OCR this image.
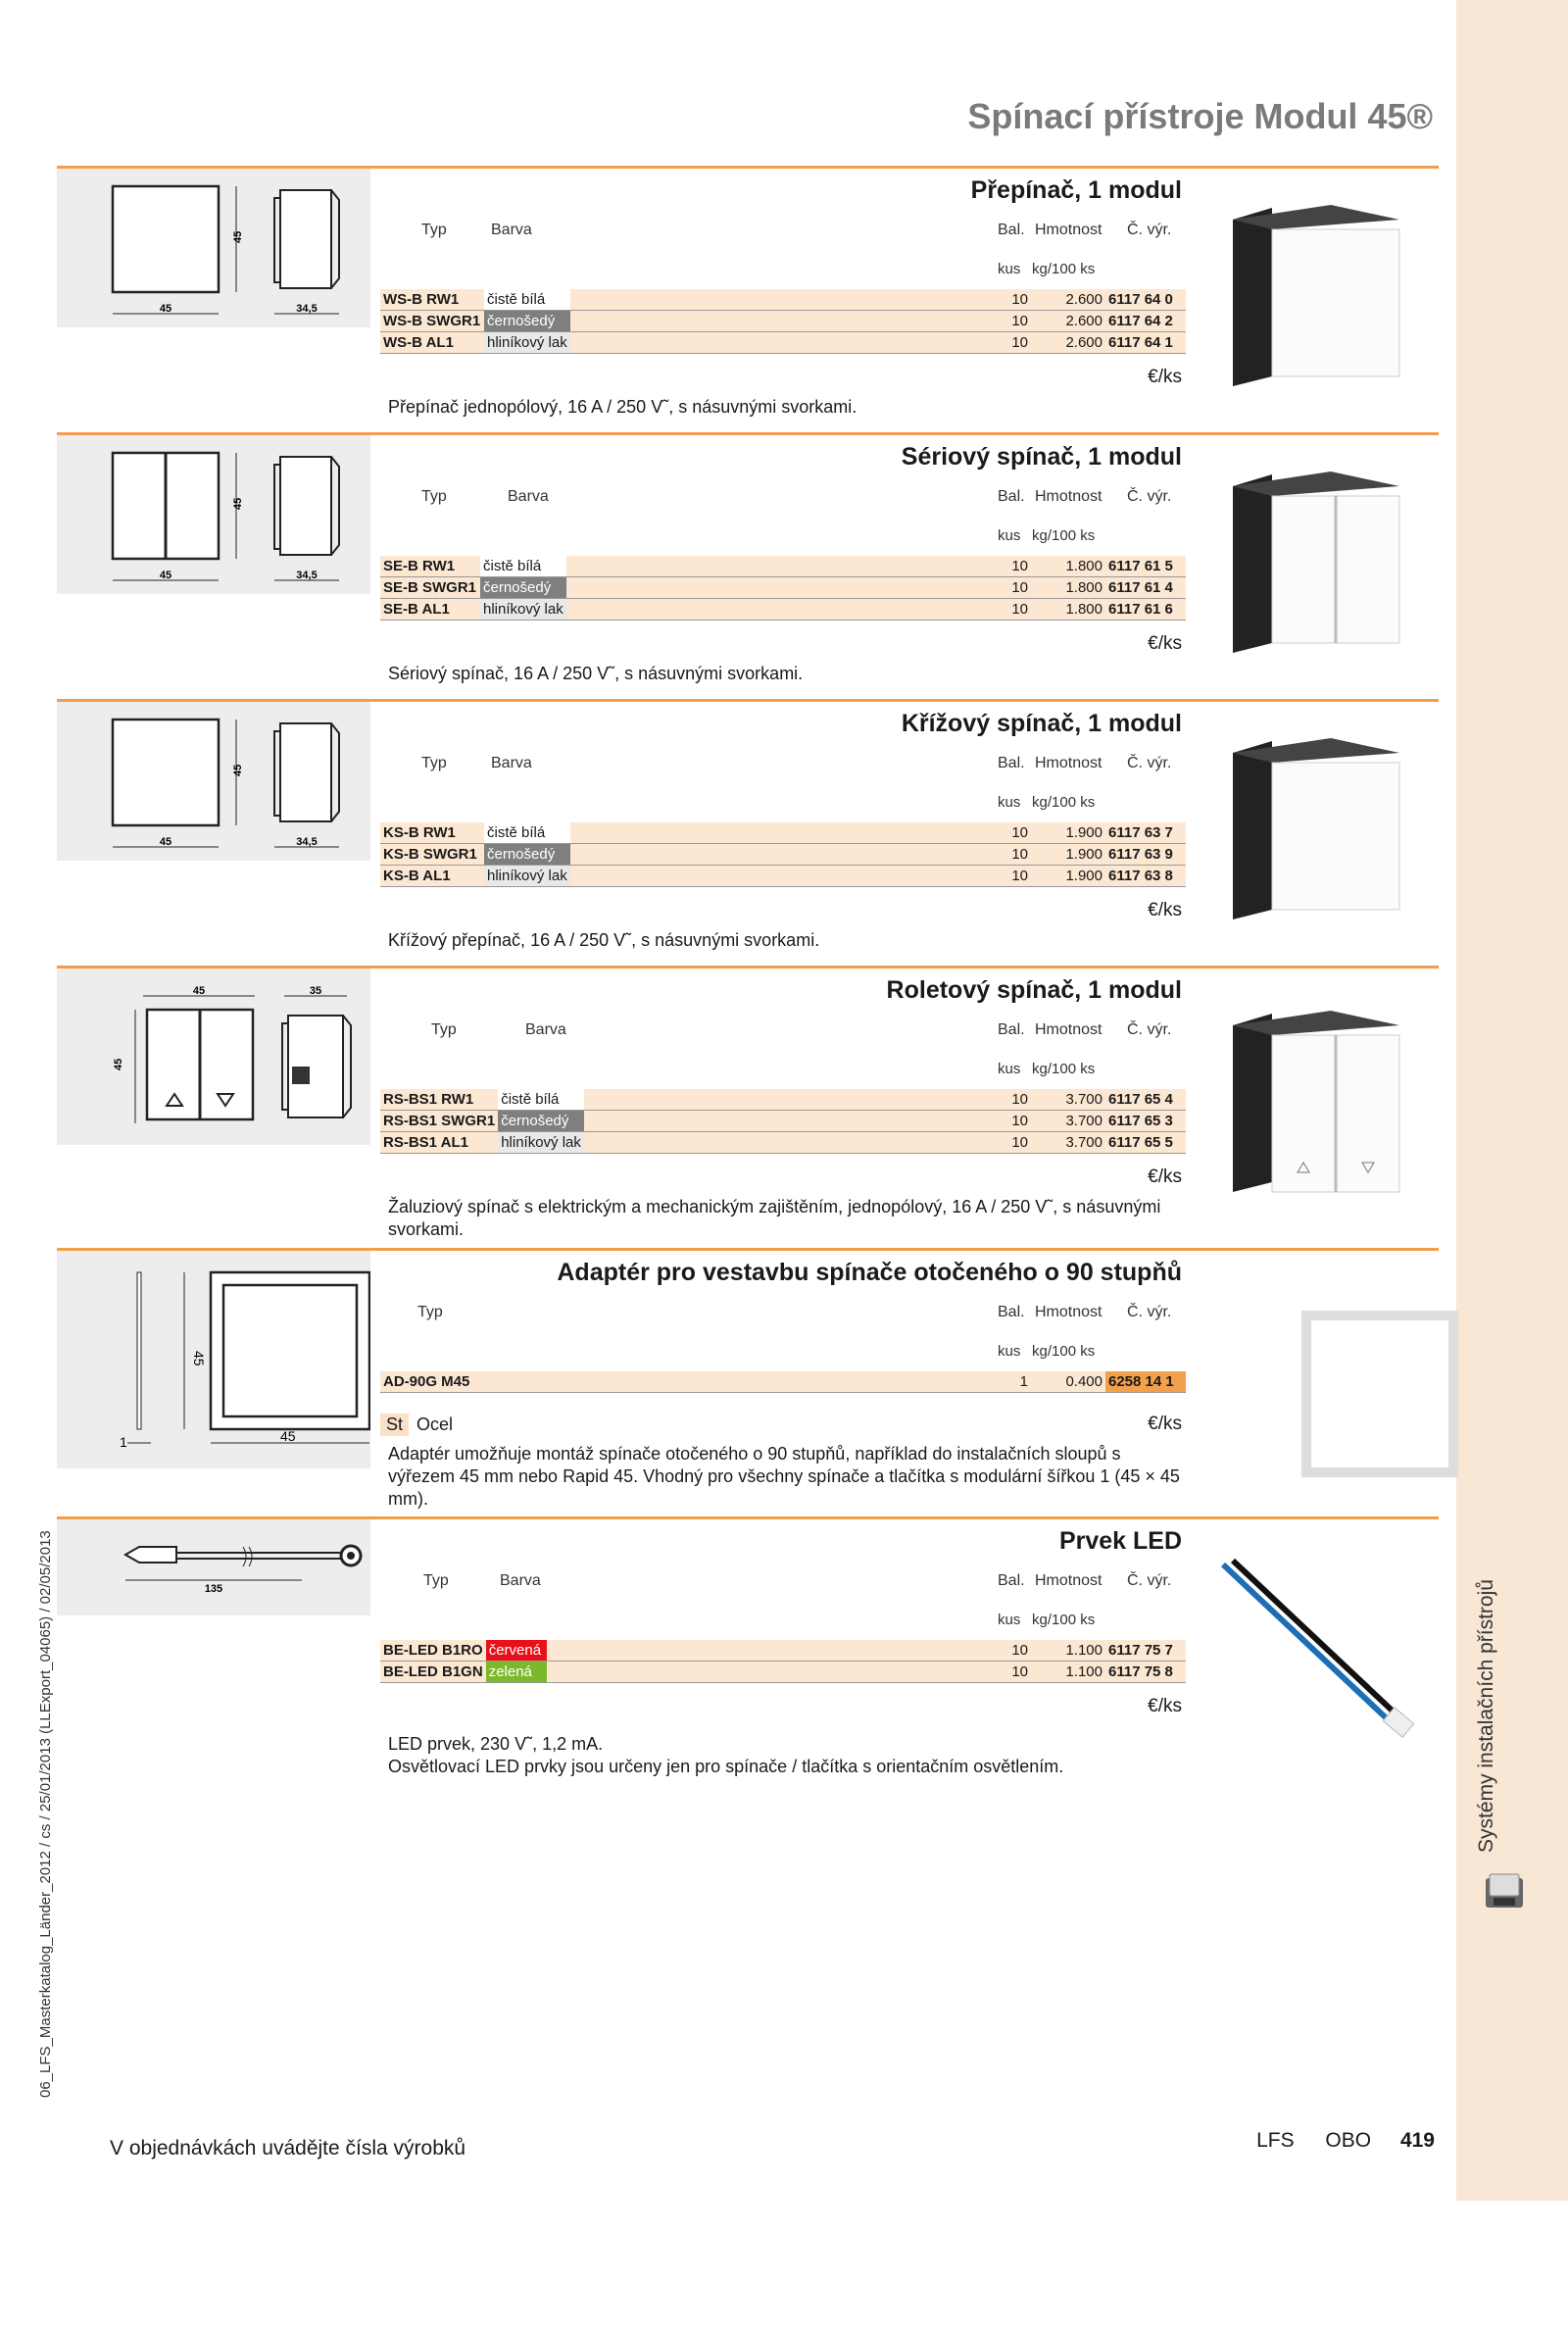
Systémy instalačních přístrojů
06_LFS_Masterkatalog_Länder_2012 / cs / 25/01/2013 (LLExport_04065) / 02/05/2013
Spínací přístroje Modul 45®
45
45
34,5
Přepínač, 1 modul
Typ	Barva	Bal. Hmotnost Č. výr.
kus kg/100 ks
WS-B RW1	čistě bílá		10	2.600	6117 64 0
WS-B SWGR1	černošedý		10	2.600	6117 64 2
WS-B AL1	hliníkový lak		10	2.600	6117 64 1
€/ks
Přepínač jednopólový, 16 A / 250 V˜, s násuvnými svorkami.
45
45
34,5
Sériový spínač, 1 modul
Typ	Barva	Bal. Hmotnost Č. výr.
kus kg/100 ks
SE-B RW1	čistě bílá		10	1.800	6117 61 5
SE-B SWGR1	černošedý		10	1.800	6117 61 4
SE-B AL1	hliníkový lak		10	1.800	6117 61 6
€/ks
Sériový spínač, 16 A / 250 V˜, s násuvnými svorkami.
45
45
34,5
Křížový spínač, 1 modul
Typ	Barva	Bal. Hmotnost Č. výr.
kus kg/100 ks
KS-B RW1	čistě bílá		10	1.900	6117 63 7
KS-B SWGR1	černošedý		10	1.900	6117 63 9
KS-B AL1	hliníkový lak		10	1.900	6117 63 8
€/ks
Křížový přepínač, 16 A / 250 V˜, s násuvnými svorkami.
45
45
35	Roletový spínač, 1 modul
Typ	Barva	Bal. Hmotnost Č. výr.
kus kg/100 ks
RS-BS1 RW1	čistě bílá		10	3.700	6117 65 4
RS-BS1 SWGR1	černošedý		10	3.700	6117 65 3
RS-BS1 AL1	hliníkový lak		10	3.700	6117 65 5
€/ks
Žaluziový spínač s elektrickým a mechanickým zajištěním, jednopólový, 16 A / 250 V˜, s násuvnými svorkami.
45
45
1
Adaptér pro vestavbu spínače otočeného o 90 stupňů
Typ	Bal. Hmotnost Č. výr.
kus kg/100 ks
AD-90G M45		1	0.400	6258 14 1
St Ocel	€/ks
Adaptér umožňuje montáž spínače otočeného o 90 stupňů, například do instalačních sloupů s výřezem 45 mm nebo Rapid 45. Vhodný pro všechny spínače a tlačítka s modulární šířkou 1 (45 × 45 mm).
135
Prvek LED
Typ	Barva	Bal. Hmotnost Č. výr.
kus kg/100 ks
BE-LED B1RO	červená		10	1.100	6117 75 7
BE-LED B1GN	zelená		10	1.100	6117 75 8
€/ks
LED prvek, 230 V˜, 1,2 mA.
Osvětlovací LED prvky jsou určeny jen pro spínače / tlačítka s orientačním osvětlením.
V objednávkách uvádějte čísla výrobků	LFS OBO 419
